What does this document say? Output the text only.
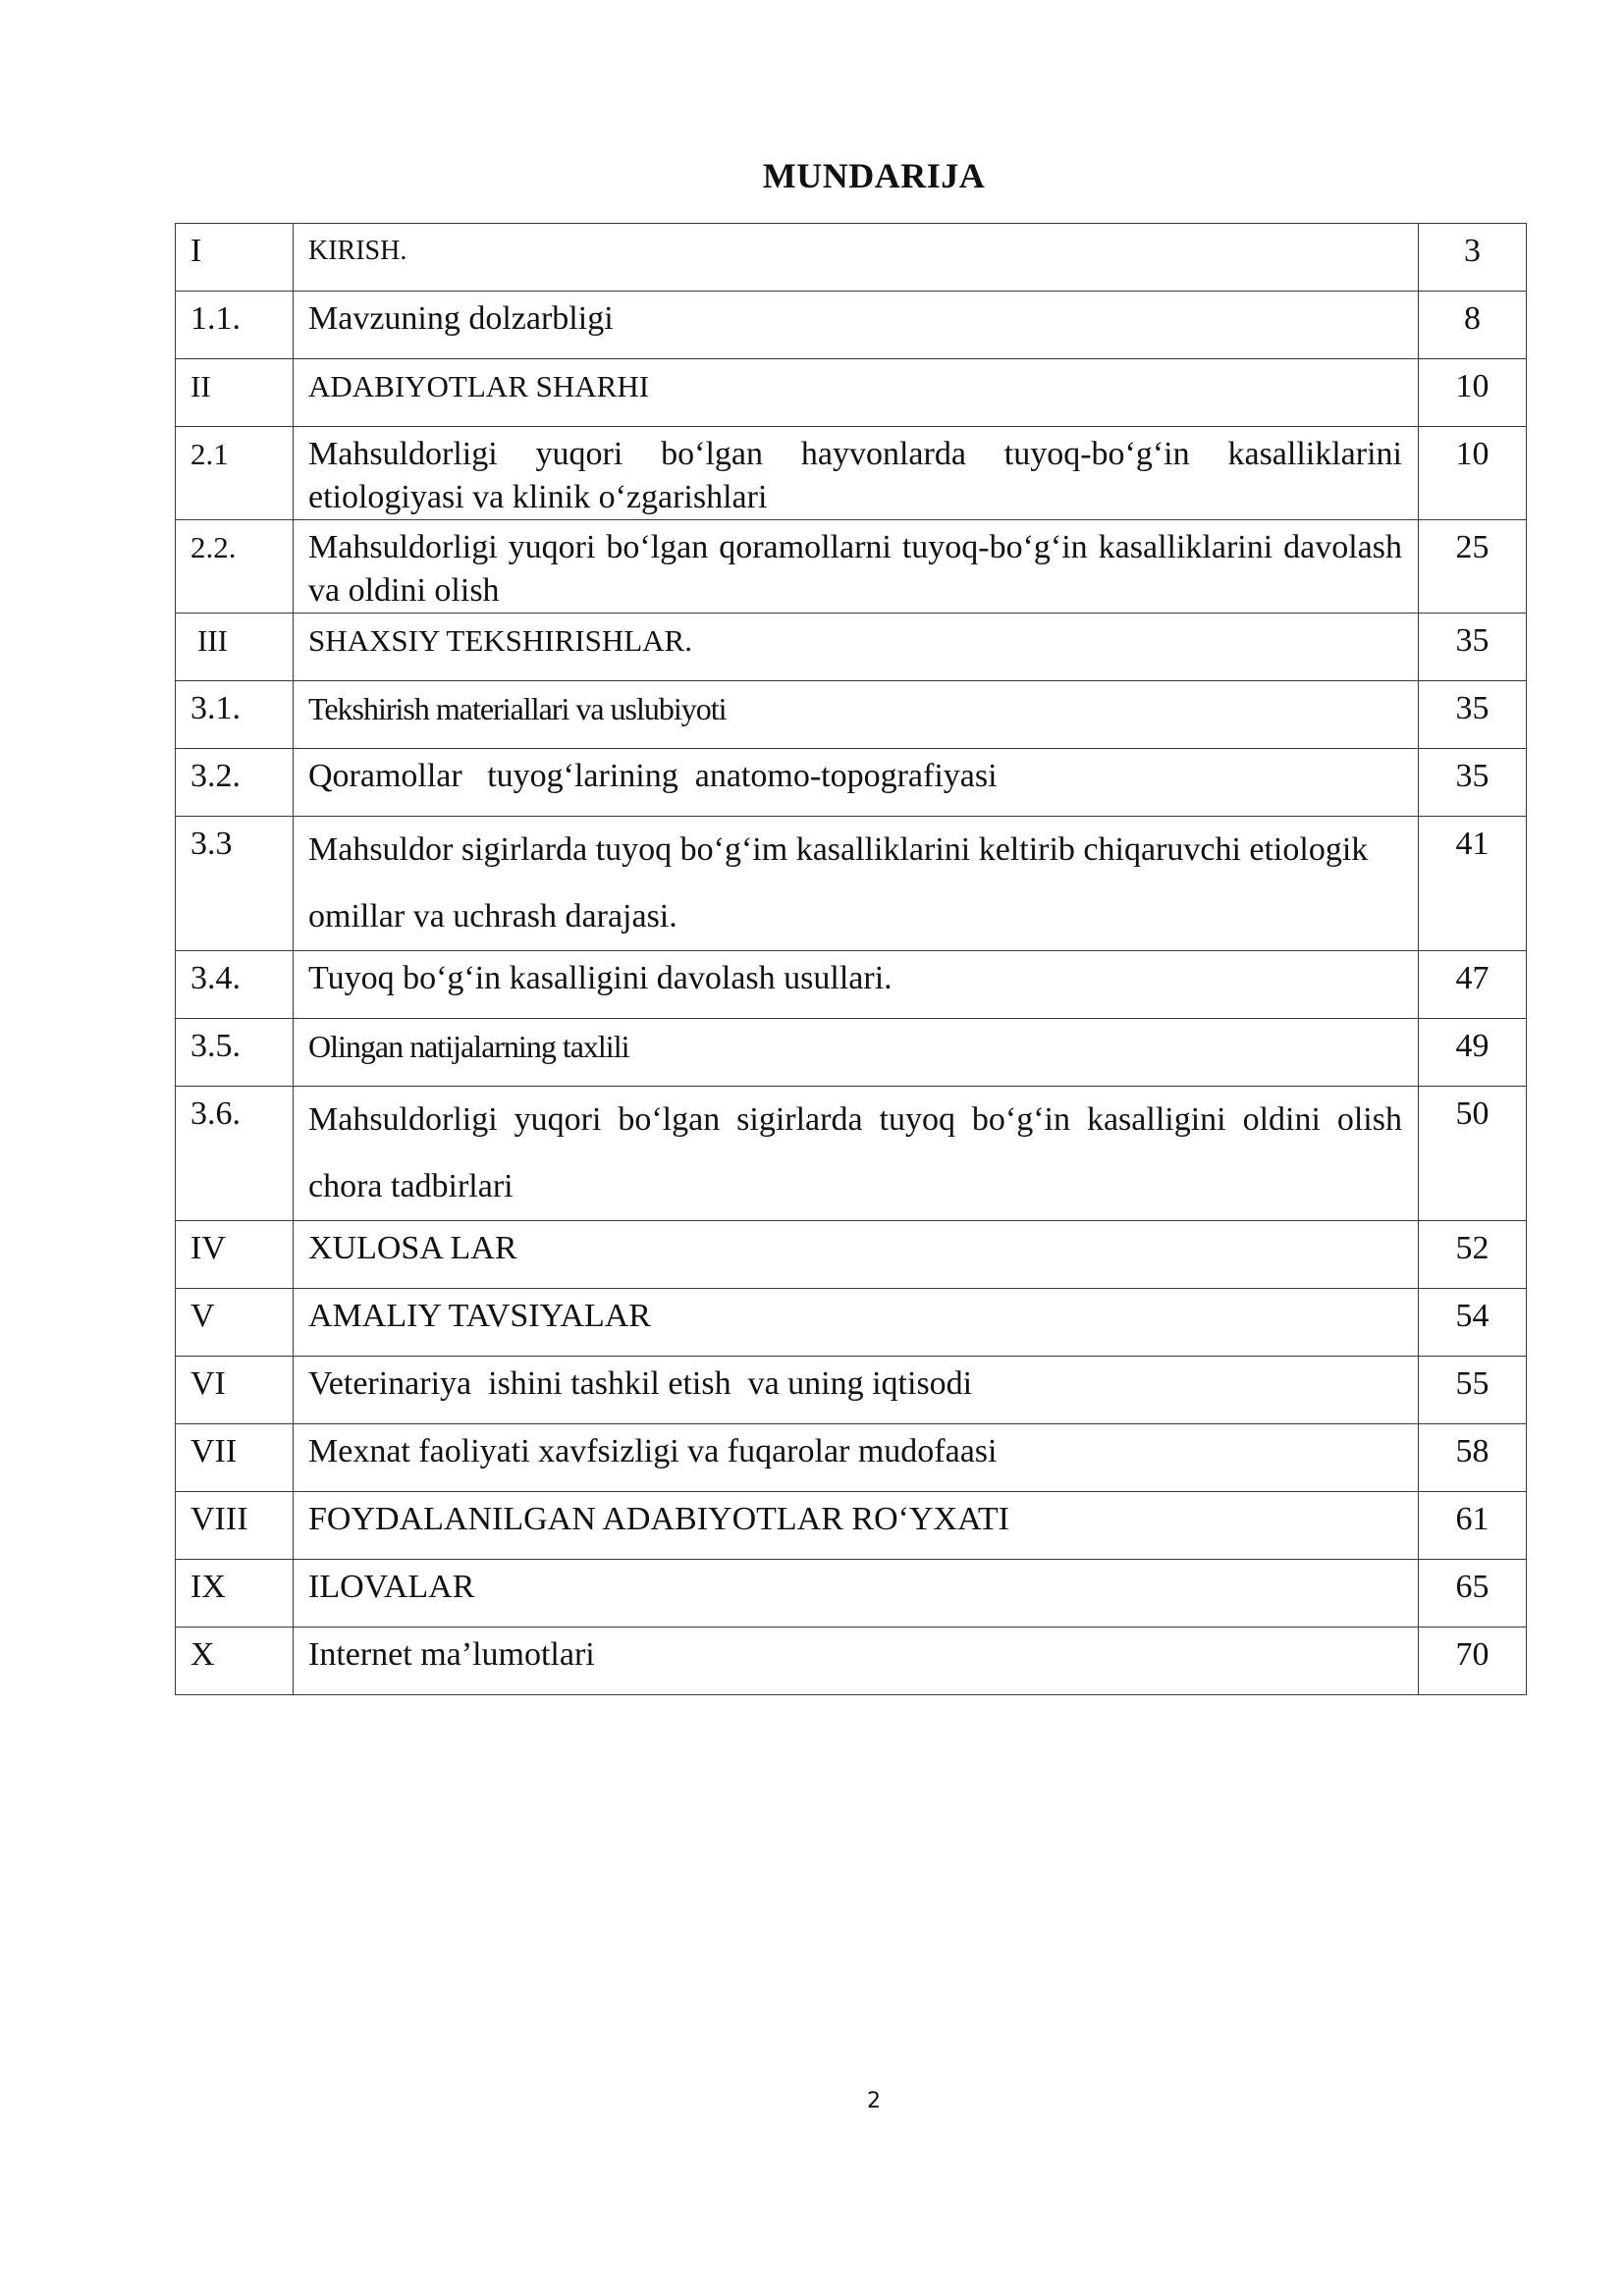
MUNDARIJA
I	KIRISH.	3
1.1.	Mavzuning dolzarbligi	8
II	ADABIYOTLAR SHARHI	10
2.1	Mahsuldorligi yuqori bo‘lgan hayvonlarda tuyoq-bo‘g‘in kasalliklarini etiologiyasi va klinik o‘zgarishlari	10
2.2.	Mahsuldorligi yuqori bo‘lgan qoramollarni tuyoq-bo‘g‘in kasalliklarini davolash va oldini olish	25
III	SHAXSIY TEKSHIRISHLAR.	35
3.1.	Tekshirish materiallari va uslubiyoti	35
3.2.	Qoramollar   tuyog‘larining  anatomo-topografiyasi	35
3.3	Mahsuldor sigirlarda tuyoq bo‘g‘im kasalliklarini keltirib chiqaruvchi etiologik omillar va uchrash darajasi.	41
3.4.	Tuyoq bo‘g‘in kasalligini davolash usullari.	47
3.5.	Olingan natijalarning taxlili	49
3.6.	Mahsuldorligi yuqori bo‘lgan sigirlarda tuyoq bo‘g‘in kasalligini oldini olish chora tadbirlari	50
IV	XULOSA LAR	52
V	AMALIY TAVSIYALAR	54
VI	Veterinariya  ishini tashkil etish  va uning iqtisodi	55
VII	Mexnat faoliyati xavfsizligi va fuqarolar mudofaasi	58
VIII	FOYDALANILGAN ADABIYOTLAR RO‘YXATI	61
IX	ILOVALAR	65
X	Internet ma’lumotlari	70
2
